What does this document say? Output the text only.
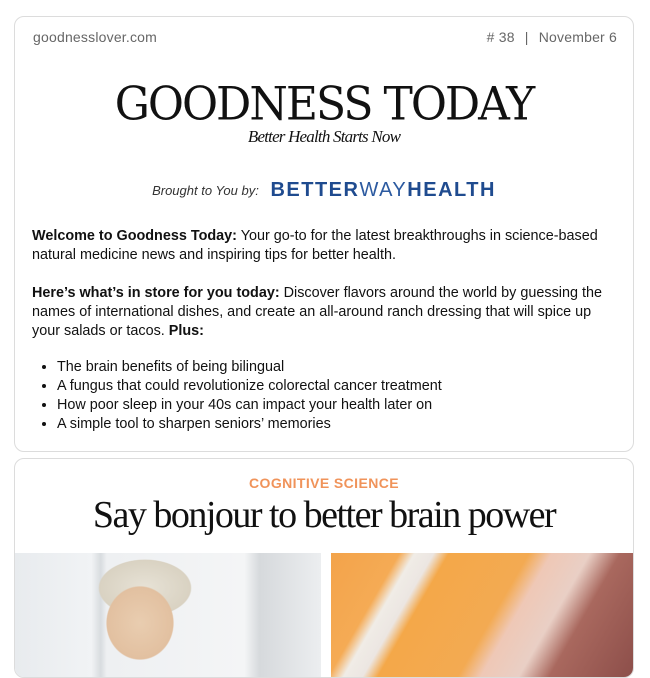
goodnesslover.com	# 38 | November 6
GOODNESS TODAY
Better Health Starts Now
Brought to You by: BETTERWAYHEALTH

Welcome to Goodness Today: Your go-to for the latest breakthroughs in science-based natural medicine news and inspiring tips for better health.

Here’s what’s in store for you today: Discover flavors around the world by guessing the names of international dishes, and create an all-around ranch dressing that will spice up your salads or tacos. Plus:

• The brain benefits of being bilingual
• A fungus that could revolutionize colorectal cancer treatment
• How poor sleep in your 40s can impact your health later on
• A simple tool to sharpen seniors’ memories
COGNITIVE SCIENCE
Say bonjour to better brain power
